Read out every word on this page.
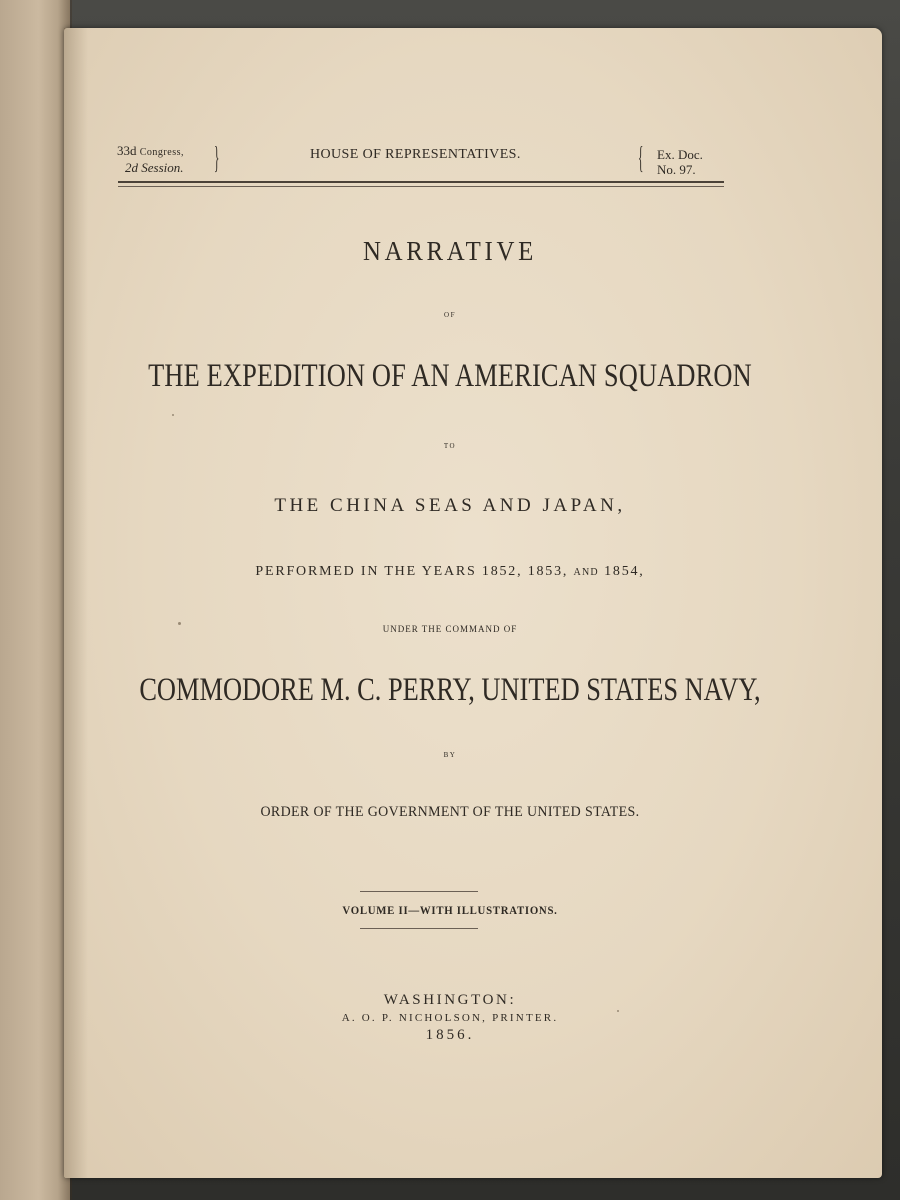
33d Congress,
2d Session. }	HOUSE OF REPRESENTATIVES.	{ Ex. Doc.
No. 97.
NARRATIVE
OF
THE EXPEDITION OF AN AMERICAN SQUADRON
TO
THE CHINA SEAS AND JAPAN,
PERFORMED IN THE YEARS 1852, 1853, AND 1854,
UNDER THE COMMAND OF
COMMODORE M. C. PERRY, UNITED STATES NAVY,
BY
ORDER OF THE GOVERNMENT OF THE UNITED STATES.
VOLUME II—WITH ILLUSTRATIONS.
WASHINGTON:
A. O. P. NICHOLSON, PRINTER.
1856.
